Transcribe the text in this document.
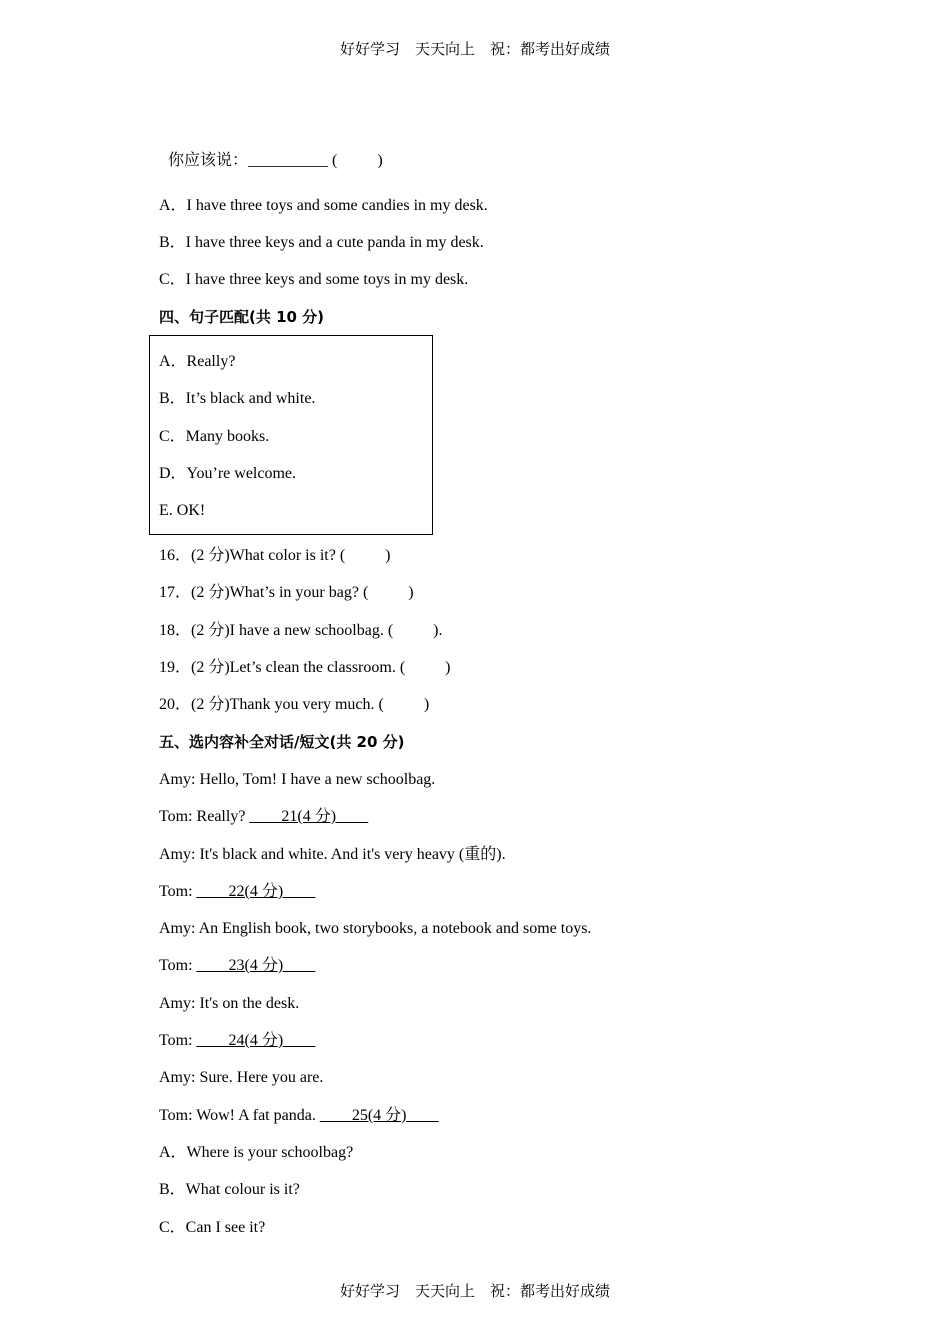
好好学习　天天向上　祝：都考出好成绩
你应该说：__________ (          )
A．I have three toys and some candies in my desk.
B．I have three keys and a cute panda in my desk.
C．I have three keys and some toys in my desk.
四、句子匹配(共 10 分)
A．Really?
B．It’s black and white.
C．Many books.
D．You’re welcome.
E. OK!
16．(2 分)What color is it? (          )
17．(2 分)What’s in your bag? (          )
18．(2 分)I have a new schoolbag. (          ).
19．(2 分)Let’s clean the classroom. (          )
20．(2 分)Thank you very much. (          )
五、选内容补全对话/短文(共 20 分)
Amy: Hello, Tom! I have a new schoolbag.
Tom: Really? ____21(4 分)____
Amy: It's black and white. And it's very heavy (重的).
Tom: ____22(4 分)____
Amy: An English book, two storybooks, a notebook and some toys.
Tom: ____23(4 分)____
Amy: It's on the desk.
Tom: ____24(4 分)____
Amy: Sure. Here you are.
Tom: Wow! A fat panda. ____25(4 分)____
A．Where is your schoolbag?
B．What colour is it?
C．Can I see it?
好好学习　天天向上　祝：都考出好成绩
